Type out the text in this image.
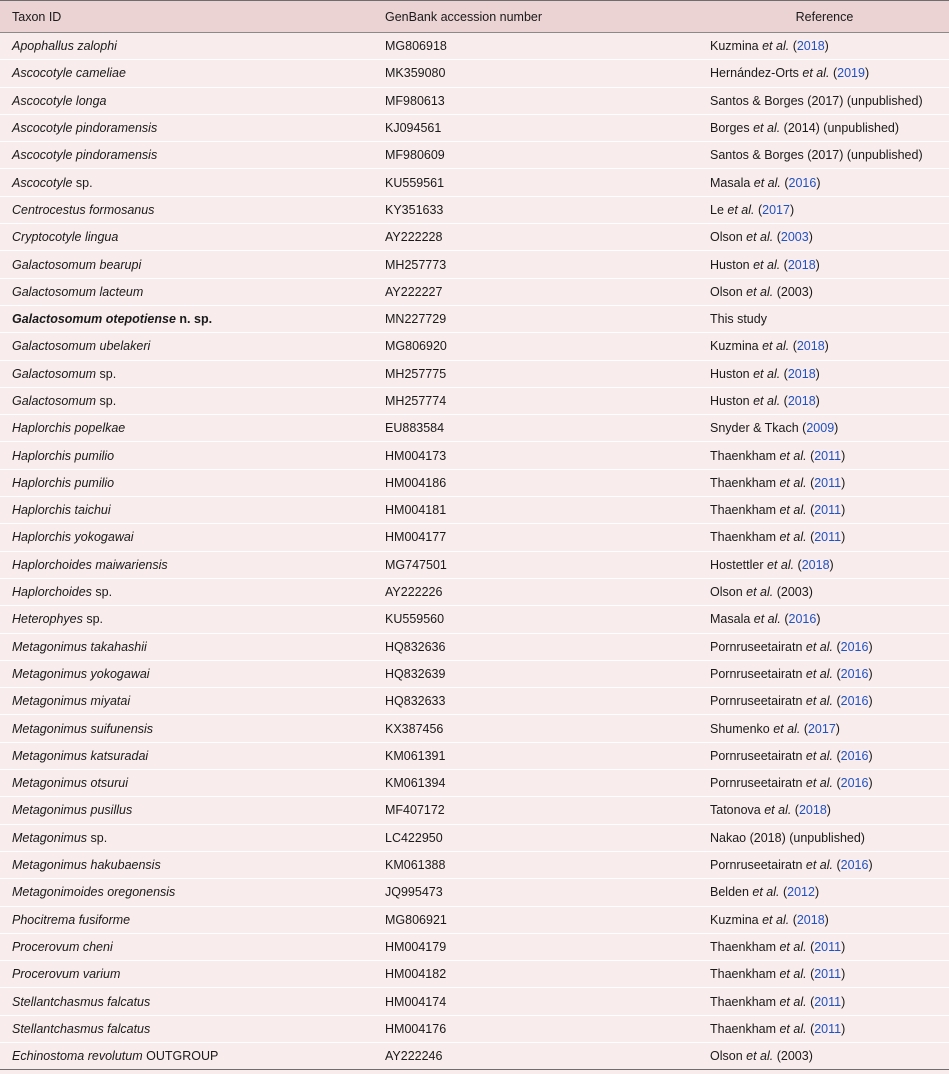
Taxon ID	GenBank accession number	Reference
Apophallus zalophi	MG806918	Kuzmina et al. (2018)
Ascocotyle cameliae	MK359080	Hernández-Orts et al. (2019)
Ascocotyle longa	MF980613	Santos & Borges (2017) (unpublished)
Ascocotyle pindoramensis	KJ094561	Borges et al. (2014) (unpublished)
Ascocotyle pindoramensis	MF980609	Santos & Borges (2017) (unpublished)
Ascocotyle sp.	KU559561	Masala et al. (2016)
Centrocestus formosanus	KY351633	Le et al. (2017)
Cryptocotyle lingua	AY222228	Olson et al. (2003)
Galactosomum bearupi	MH257773	Huston et al. (2018)
Galactosomum lacteum	AY222227	Olson et al. (2003)
Galactosomum otepotiense n. sp.	MN227729	This study
Galactosomum ubelakeri	MG806920	Kuzmina et al. (2018)
Galactosomum sp.	MH257775	Huston et al. (2018)
Galactosomum sp.	MH257774	Huston et al. (2018)
Haplorchis popelkae	EU883584	Snyder & Tkach (2009)
Haplorchis pumilio	HM004173	Thaenkham et al. (2011)
Haplorchis pumilio	HM004186	Thaenkham et al. (2011)
Haplorchis taichui	HM004181	Thaenkham et al. (2011)
Haplorchis yokogawai	HM004177	Thaenkham et al. (2011)
Haplorchoides maiwariensis	MG747501	Hostettler et al. (2018)
Haplorchoides sp.	AY222226	Olson et al. (2003)
Heterophyes sp.	KU559560	Masala et al. (2016)
Metagonimus takahashii	HQ832636	Pornruseetairatn et al. (2016)
Metagonimus yokogawai	HQ832639	Pornruseetairatn et al. (2016)
Metagonimus miyatai	HQ832633	Pornruseetairatn et al. (2016)
Metagonimus suifunensis	KX387456	Shumenko et al. (2017)
Metagonimus katsuradai	KM061391	Pornruseetairatn et al. (2016)
Metagonimus otsurui	KM061394	Pornruseetairatn et al. (2016)
Metagonimus pusillus	MF407172	Tatonova et al. (2018)
Metagonimus sp.	LC422950	Nakao (2018) (unpublished)
Metagonimus hakubaensis	KM061388	Pornruseetairatn et al. (2016)
Metagonimoides oregonensis	JQ995473	Belden et al. (2012)
Phocitrema fusiforme	MG806921	Kuzmina et al. (2018)
Procerovum cheni	HM004179	Thaenkham et al. (2011)
Procerovum varium	HM004182	Thaenkham et al. (2011)
Stellantchasmus falcatus	HM004174	Thaenkham et al. (2011)
Stellantchasmus falcatus	HM004176	Thaenkham et al. (2011)
Echinostoma revolutum OUTGROUP	AY222246	Olson et al. (2003)
